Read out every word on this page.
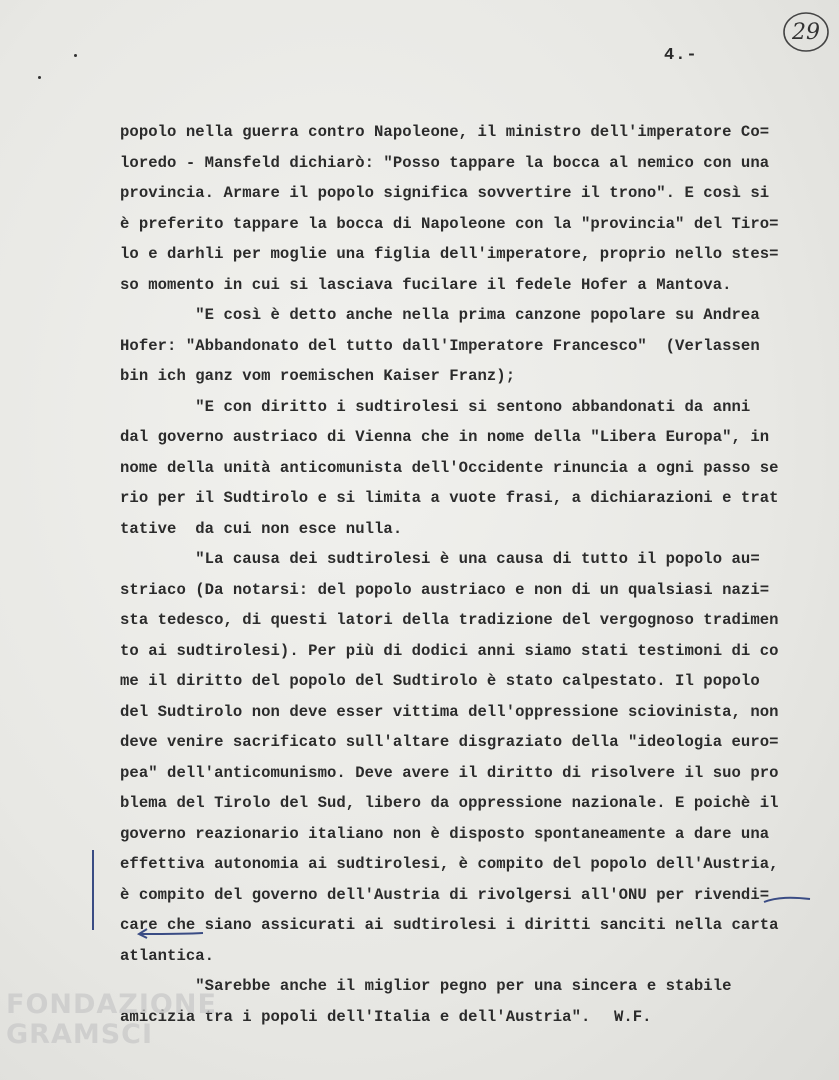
29
4.-
popolo nella guerra contro Napoleone, il ministro dell'imperatore Co=
loredo - Mansfeld dichiarò: "Posso tappare la bocca al nemico con una
provincia. Armare il popolo significa sovvertire il trono". E così si
è preferito tappare la bocca di Napoleone con la "provincia" del Tiro=
lo e darhli per moglie una figlia dell'imperatore, proprio nello stes=
so momento in cui si lasciava fucilare il fedele Hofer a Mantova.
"E così è detto anche nella prima canzone popolare su Andrea
Hofer: "Abbandonato del tutto dall'Imperatore Francesco"  (Verlassen
bin ich ganz vom roemischen Kaiser Franz);
"E con diritto i sudtirolesi si sentono abbandonati da anni
dal governo austriaco di Vienna che in nome della "Libera Europa", in
nome della unità anticomunista dell'Occidente rinuncia a ogni passo se
rio per il Sudtirolo e si limita a vuote frasi, a dichiarazioni e trat
tative  da cui non esce nulla.
"La causa dei sudtirolesi è una causa di tutto il popolo au=
striaco (Da notarsi: del popolo austriaco e non di un qualsiasi nazi=
sta tedesco, di questi latori della tradizione del vergognoso tradimen
to ai sudtirolesi). Per più di dodici anni siamo stati testimoni di co
me il diritto del popolo del Sudtirolo è stato calpestato. Il popolo
del Sudtirolo non deve esser vittima dell'oppressione sciovinista, non
deve venire sacrificato sull'altare disgraziato della "ideologia euro=
pea" dell'anticomunismo. Deve avere il diritto di risolvere il suo pro
blema del Tirolo del Sud, libero da oppressione nazionale. E poichè il
governo reazionario italiano non è disposto spontaneamente a dare una
effettiva autonomia ai sudtirolesi, è compito del popolo dell'Austria,
è compito del governo dell'Austria di rivolgersi all'ONU per rivendi=
care che siano assicurati ai sudtirolesi i diritti sanciti nella carta
atlantica.
"Sarebbe anche il miglior pegno per una sincera e stabile
amicizia tra i popoli dell'Italia e dell'Austria".	W.F.
FONDAZIONE
GRAMSCI
